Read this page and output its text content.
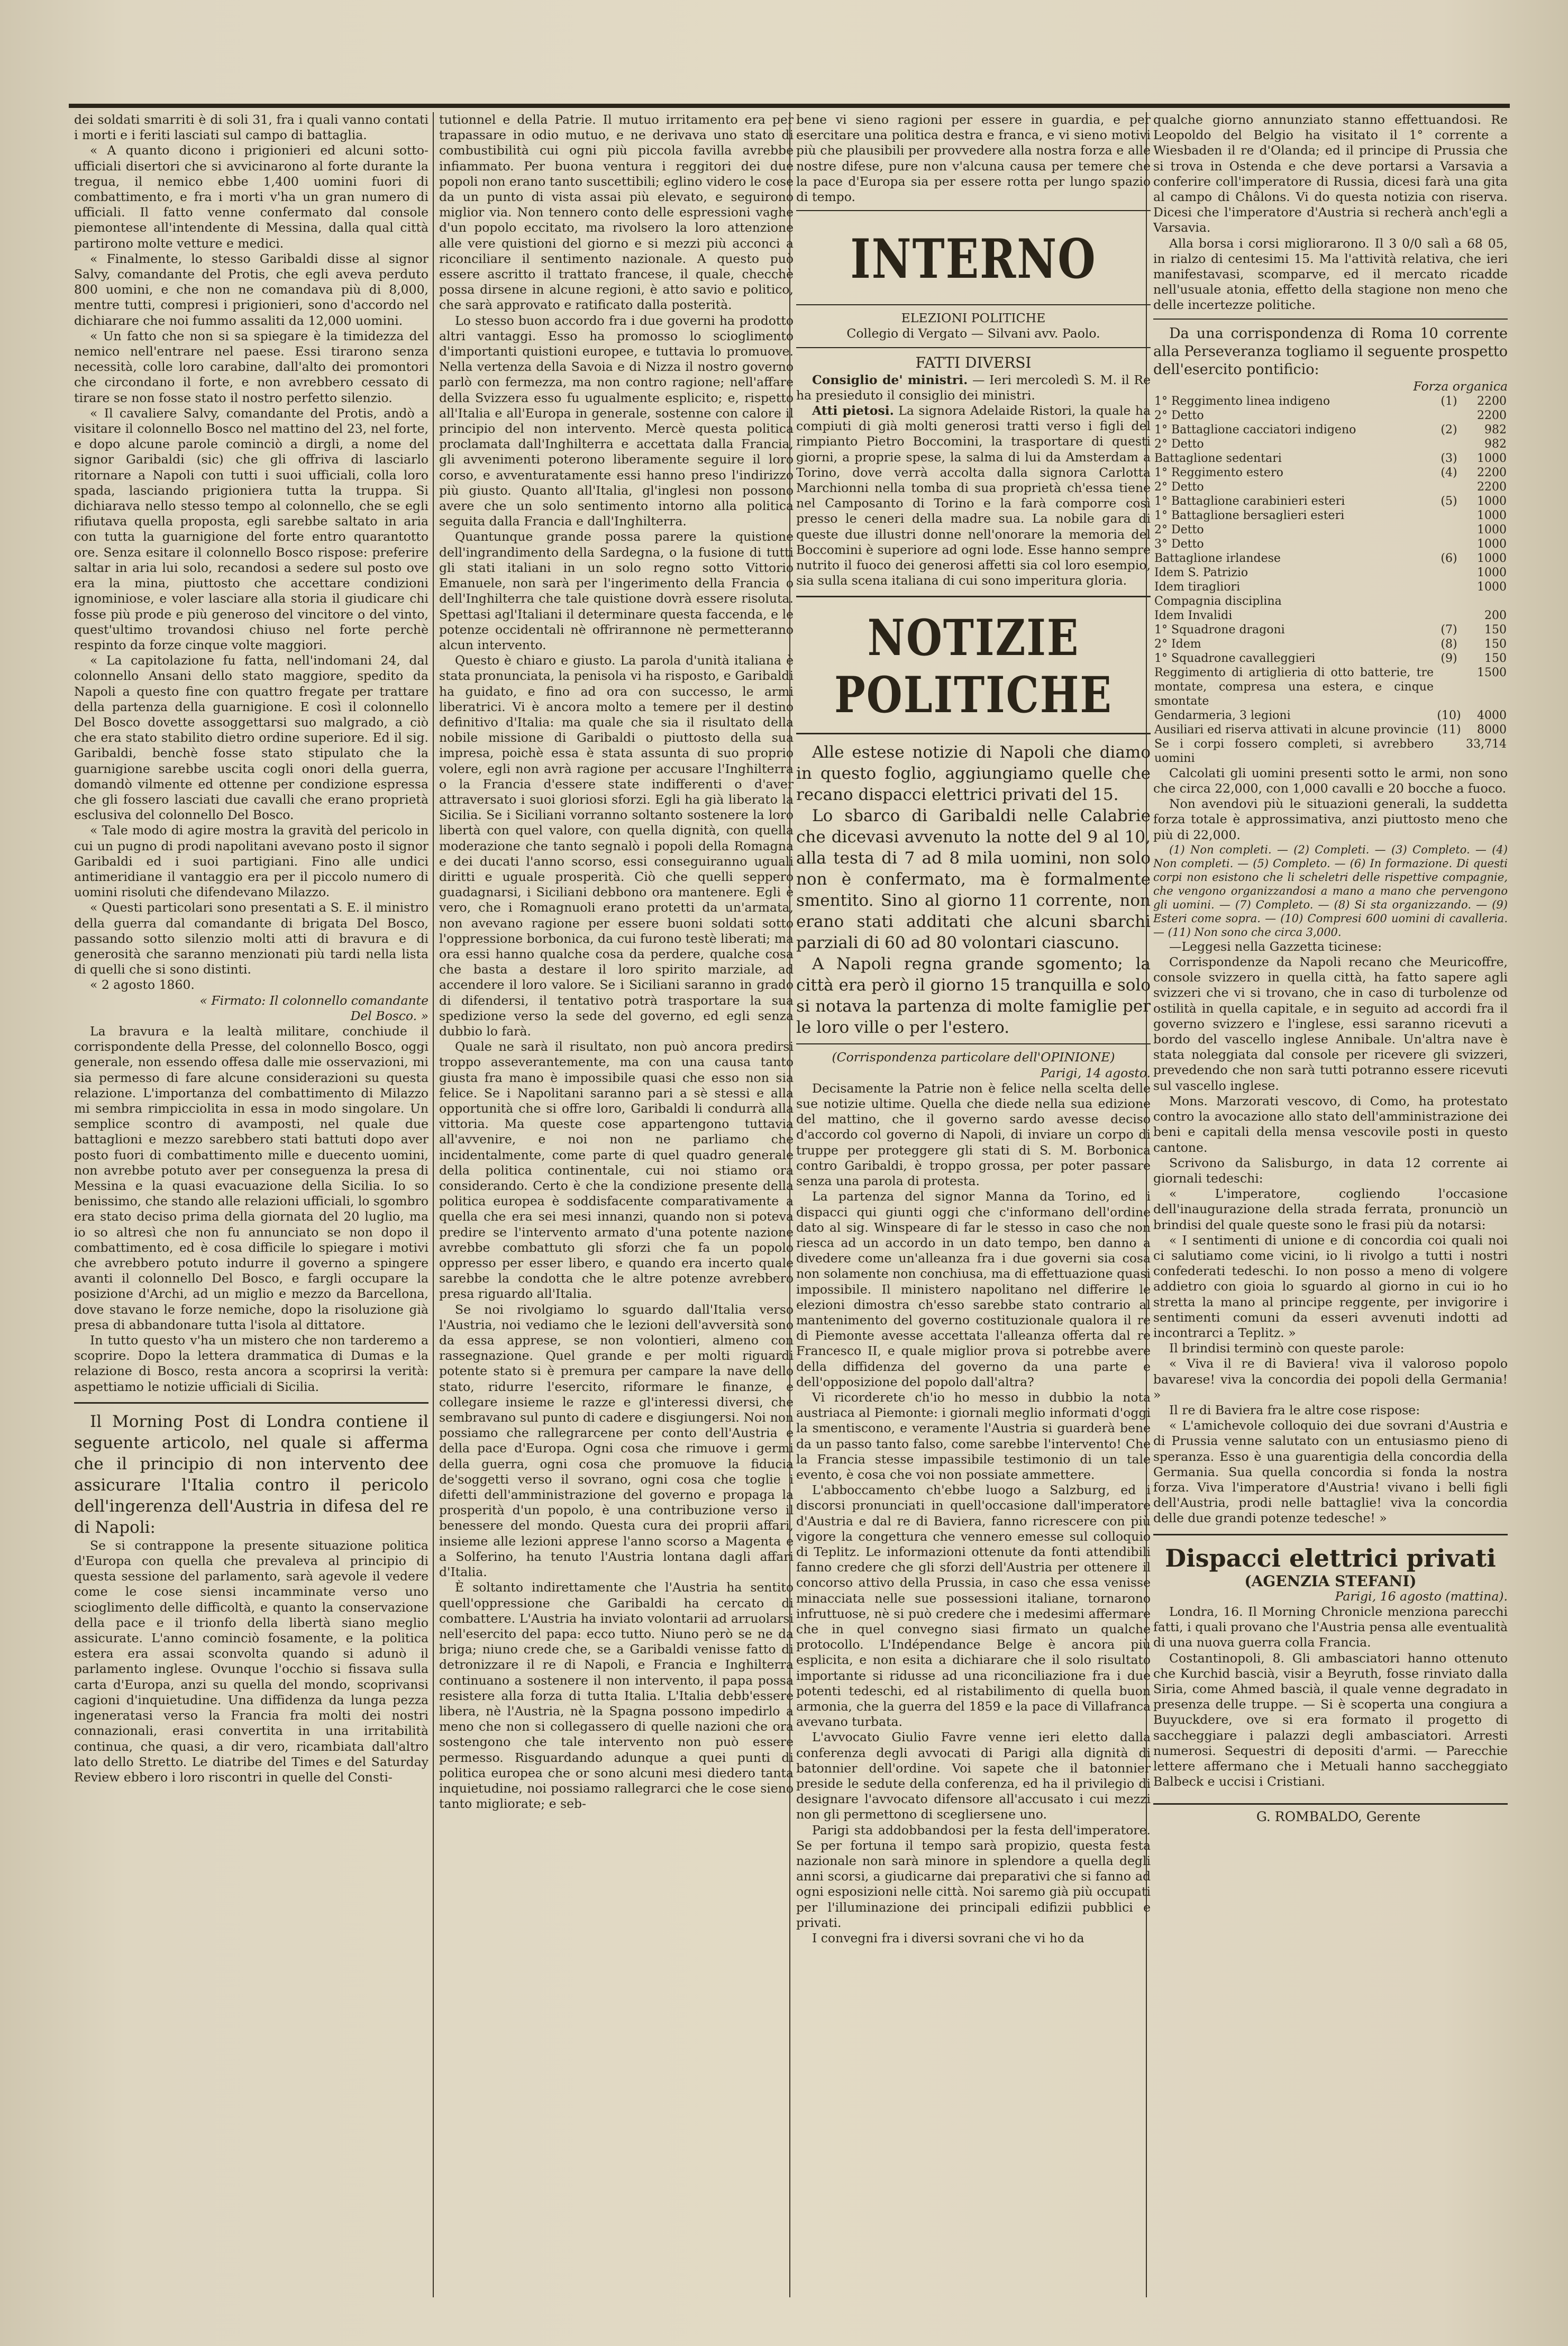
dei soldati smarriti è di soli 31, fra i quali vanno contati i morti e i feriti lasciati sul campo di battaglia.

« A quanto dicono i prigionieri ed alcuni sotto-ufficiali disertori che si avvicinarono al forte durante la tregua, il nemico ebbe 1,400 uomini fuori di combattimento, e fra i morti v'ha un gran numero di ufficiali. Il fatto venne confermato dal console piemontese all'intendente di Messina, dalla qual città partirono molte vetture e medici.

« Finalmente, lo stesso Garibaldi disse al signor Salvy, comandante del Protis, che egli aveva perduto 800 uomini, e che non ne comandava più di 8,000, mentre tutti, compresi i prigionieri, sono d'accordo nel dichiarare che noi fummo assaliti da 12,000 uomini.

« Un fatto che non si sa spiegare è la timidezza del nemico nell'entrare nel paese. Essi tirarono senza necessità, colle loro carabine, dall'alto dei promontori che circondano il forte, e non avrebbero cessato di tirare se non fosse stato il nostro perfetto silenzio.

« Il cavaliere Salvy, comandante del Protis, andò a visitare il colonnello Bosco nel mattino del 23, nel forte, e dopo alcune parole cominciò a dirgli, a nome del signor Garibaldi (sic) che gli offriva di lasciarlo ritornare a Napoli con tutti i suoi ufficiali, colla loro spada, lasciando prigioniera tutta la truppa. Si dichiarava nello stesso tempo al colonnello, che se egli rifiutava quella proposta, egli sarebbe saltato in aria con tutta la guarnigione del forte entro quarantotto ore. Senza esitare il colonnello Bosco rispose: preferire saltar in aria lui solo, recandosi a sedere sul posto ove era la mina, piuttosto che accettare condizioni ignominiose, e voler lasciare alla storia il giudicare chi fosse più prode e più generoso del vincitore o del vinto, quest'ultimo trovandosi chiuso nel forte perchè respinto da forze cinque volte maggiori.

« La capitolazione fu fatta, nell'indomani 24, dal colonnello Ansani dello stato maggiore, spedito da Napoli a questo fine con quattro fregate per trattare della partenza della guarnigione. E così il colonnello Del Bosco dovette assoggettarsi suo malgrado, a ciò che era stato stabilito dietro ordine superiore. Ed il sig. Garibaldi, benchè fosse stato stipulato che la guarnigione sarebbe uscita cogli onori della guerra, domandò vilmente ed ottenne per condizione espressa che gli fossero lasciati due cavalli che erano proprietà esclusiva del colonnello Del Bosco.

« Tale modo di agire mostra la gravità del pericolo in cui un pugno di prodi napolitani avevano posto il signor Garibaldi ed i suoi partigiani. Fino alle undici antimeridiane il vantaggio era per il piccolo numero di uomini risoluti che difendevano Milazzo.

« Questi particolari sono presentati a S. E. il ministro della guerra dal comandante di brigata Del Bosco, passando sotto silenzio molti atti di bravura e di generosità che saranno menzionati più tardi nella lista di quelli che si sono distinti.

« 2 agosto 1860.

« Firmato: Il colonnello comandante

Del Bosco. »

La bravura e la lealtà militare, conchiude il corrispondente della Presse, del colonnello Bosco, oggi generale, non essendo offesa dalle mie osservazioni, mi sia permesso di fare alcune considerazioni su questa relazione. L'importanza del combattimento di Milazzo mi sembra rimpicciolita in essa in modo singolare. Un semplice scontro di avamposti, nel quale due battaglioni e mezzo sarebbero stati battuti dopo aver posto fuori di combattimento mille e duecento uomini, non avrebbe potuto aver per conseguenza la presa di Messina e la quasi evacuazione della Sicilia. Io so benissimo, che stando alle relazioni ufficiali, lo sgombro era stato deciso prima della giornata del 20 luglio, ma io so altresì che non fu annunciato se non dopo il combattimento, ed è cosa difficile lo spiegare i motivi che avrebbero potuto indurre il governo a spingere avanti il colonnello Del Bosco, e fargli occupare la posizione d'Archi, ad un miglio e mezzo da Barcellona, dove stavano le forze nemiche, dopo la risoluzione già presa di abbandonare tutta l'isola al dittatore.

In tutto questo v'ha un mistero che non tarderemo a scoprire. Dopo la lettera drammatica di Dumas e la relazione di Bosco, resta ancora a scoprirsi la verità: aspettiamo le notizie ufficiali di Sicilia.

Il Morning Post di Londra contiene il seguente articolo, nel quale si afferma che il principio di non intervento dee assicurare l'Italia contro il pericolo dell'ingerenza dell'Austria in difesa del re di Napoli:

Se si contrappone la presente situazione politica d'Europa con quella che prevaleva al principio di questa sessione del parlamento, sarà agevole il vedere come le cose siensi incamminate verso uno scioglimento delle difficoltà, e quanto la conservazione della pace e il trionfo della libertà siano meglio assicurate. L'anno cominciò fosamente, e la politica estera era assai sconvolta quando si adunò il parlamento inglese. Ovunque l'occhio si fissava sulla carta d'Europa, anzi su quella del mondo, scoprivansi cagioni d'inquietudine. Una diffidenza da lunga pezza ingeneratasi verso la Francia fra molti dei nostri connazionali, erasi convertita in una irritabilità continua, che quasi, a dir vero, ricambiata dall'altro lato dello Stretto. Le diatribe del Times e del Saturday Review ebbero i loro riscontri in quelle del Consti-

tutionnel e della Patrie. Il mutuo irritamento era per trapassare in odio mutuo, e ne derivava uno stato di combustibilità cui ogni più piccola favilla avrebbe infiammato. Per buona ventura i reggitori dei due popoli non erano tanto suscettibili; eglino videro le cose da un punto di vista assai più elevato, e seguirono miglior via. Non tennero conto delle espressioni vaghe d'un popolo eccitato, ma rivolsero la loro attenzione alle vere quistioni del giorno e si mezzi più acconci a riconciliare il sentimento nazionale. A questo può essere ascritto il trattato francese, il quale, checchè possa dirsene in alcune regioni, è atto savio e politico, che sarà approvato e ratificato dalla posterità.

Lo stesso buon accordo fra i due governi ha prodotto altri vantaggi. Esso ha promosso lo scioglimento d'importanti quistioni europee, e tuttavia lo promuove. Nella vertenza della Savoia e di Nizza il nostro governo parlò con fermezza, ma non contro ragione; nell'affare della Svizzera esso fu ugualmente esplicito; e, rispetto all'Italia e all'Europa in generale, sostenne con calore il principio del non intervento. Mercè questa politica proclamata dall'Inghilterra e accettata dalla Francia, gli avvenimenti poterono liberamente seguire il loro corso, e avventuratamente essi hanno preso l'indirizzo più giusto. Quanto all'Italia, gl'inglesi non possono avere che un solo sentimento intorno alla politica seguita dalla Francia e dall'Inghilterra.

Quantunque grande possa parere la quistione dell'ingrandimento della Sardegna, o la fusione di tutti gli stati italiani in un solo regno sotto Vittorio Emanuele, non sarà per l'ingerimento della Francia o dell'Inghilterra che tale quistione dovrà essere risoluta. Spettasi agl'Italiani il determinare questa faccenda, e le potenze occidentali nè offrirannone nè permetteranno alcun intervento.

Questo è chiaro e giusto. La parola d'unità italiana è stata pronunciata, la penisola vi ha risposto, e Garibaldi ha guidato, e fino ad ora con successo, le armi liberatrici. Vi è ancora molto a temere per il destino definitivo d'Italia: ma quale che sia il risultato della nobile missione di Garibaldi o piuttosto della sua impresa, poichè essa è stata assunta di suo proprio volere, egli non avrà ragione per accusare l'Inghilterra o la Francia d'essere state indifferenti o d'aver attraversato i suoi gloriosi sforzi. Egli ha già liberato la Sicilia. Se i Siciliani vorranno soltanto sostenere la loro libertà con quel valore, con quella dignità, con quella moderazione che tanto segnalò i popoli della Romagna e dei ducati l'anno scorso, essi conseguiranno uguali diritti e uguale prosperità. Ciò che quelli seppero guadagnarsi, i Siciliani debbono ora mantenere. Egli è vero, che i Romagnuoli erano protetti da un'armata, non avevano ragione per essere buoni soldati sotto l'oppressione borbonica, da cui furono testè liberati; ma ora essi hanno qualche cosa da perdere, qualche cosa che basta a destare il loro spirito marziale, ad accendere il loro valore. Se i Siciliani saranno in grado di difendersi, il tentativo potrà trasportare la sua spedizione verso la sede del governo, ed egli senza dubbio lo farà.

Quale ne sarà il risultato, non può ancora predirsi troppo asseverantemente, ma con una causa tanto giusta fra mano è impossibile quasi che esso non sia felice. Se i Napolitani saranno pari a sè stessi e alla opportunità che si offre loro, Garibaldi li condurrà alla vittoria. Ma queste cose appartengono tuttavia all'avvenire, e noi non ne parliamo che incidentalmente, come parte di quel quadro generale della politica continentale, cui noi stiamo ora considerando. Certo è che la condizione presente della politica europea è soddisfacente comparativamente a quella che era sei mesi innanzi, quando non si poteva predire se l'intervento armato d'una potente nazione avrebbe combattuto gli sforzi che fa un popolo oppresso per esser libero, e quando era incerto quale sarebbe la condotta che le altre potenze avrebbero presa riguardo all'Italia.

Se noi rivolgiamo lo sguardo dall'Italia verso l'Austria, noi vediamo che le lezioni dell'avversità sono da essa apprese, se non volontieri, almeno con rassegnazione. Quel grande e per molti riguardi potente stato si è premura per campare la nave dello stato, ridurre l'esercito, riformare le finanze, e collegare insieme le razze e gl'interessi diversi, che sembravano sul punto di cadere e disgiungersi. Noi non possiamo che rallegrarcene per conto dell'Austria e della pace d'Europa. Ogni cosa che rimuove i germi della guerra, ogni cosa che promuove la fiducia de'soggetti verso il sovrano, ogni cosa che toglie i difetti dell'amministrazione del governo e propaga la prosperità d'un popolo, è una contribuzione verso il benessere del mondo. Questa cura dei proprii affari, insieme alle lezioni apprese l'anno scorso a Magenta e a Solferino, ha tenuto l'Austria lontana dagli affari d'Italia.

È soltanto indirettamente che l'Austria ha sentito quell'oppressione che Garibaldi ha cercato di combattere. L'Austria ha inviato volontarii ad arruolarsi nell'esercito del papa: ecco tutto. Niuno però se ne da briga; niuno crede che, se a Garibaldi venisse fatto di detronizzare il re di Napoli, e Francia e Inghilterra continuano a sostenere il non intervento, il papa possa resistere alla forza di tutta Italia. L'Italia debb'essere libera, nè l'Austria, nè la Spagna possono impedirlo a meno che non si collegassero di quelle nazioni che ora sostengono che tale intervento non può essere permesso. Risguardando adunque a quei punti di politica europea che or sono alcuni mesi diedero tanta inquietudine, noi possiamo rallegrarci che le cose sieno tanto migliorate; e seb-

bene vi sieno ragioni per essere in guardia, e per esercitare una politica destra e franca, e vi sieno motivi più che plausibili per provvedere alla nostra forza e alle nostre difese, pure non v'alcuna causa per temere che la pace d'Europa sia per essere rotta per lungo spazio di tempo.

INTERNO

ELEZIONI POLITICHE

Collegio di Vergato — Silvani avv. Paolo.

FATTI DIVERSI

Consiglio de' ministri. — Ieri mercoledì S. M. il Re ha presieduto il consiglio dei ministri.

Atti pietosi. La signora Adelaide Ristori, la quale ha compiuti di già molti generosi tratti verso i figli del rimpianto Pietro Boccomini, la trasportare di questi giorni, a proprie spese, la salma di lui da Amsterdam a Torino, dove verrà accolta dalla signora Carlotta Marchionni nella tomba di sua proprietà ch'essa tiene nel Camposanto di Torino e la farà comporre così presso le ceneri della madre sua. La nobile gara di queste due illustri donne nell'onorare la memoria del Boccomini è superiore ad ogni lode. Esse hanno sempre nutrito il fuoco dei generosi affetti sia col loro esempio, sia sulla scena italiana di cui sono imperitura gloria.

NOTIZIE POLITICHE

Alle estese notizie di Napoli che diamo in questo foglio, aggiungiamo quelle che recano dispacci elettrici privati del 15.

Lo sbarco di Garibaldi nelle Calabrie che dicevasi avvenuto la notte del 9 al 10, alla testa di 7 ad 8 mila uomini, non solo non è confermato, ma è formalmente smentito. Sino al giorno 11 corrente, non erano stati additati che alcuni sbarchi parziali di 60 ad 80 volontari ciascuno.

A Napoli regna grande sgomento; la città era però il giorno 15 tranquilla e solo si notava la partenza di molte famiglie per le loro ville o per l'estero.

(Corrispondenza particolare dell'OPINIONE)

Parigi, 14 agosto.

Decisamente la Patrie non è felice nella scelta delle sue notizie ultime. Quella che diede nella sua edizione del mattino, che il governo sardo avesse deciso d'accordo col governo di Napoli, di inviare un corpo di truppe per proteggere gli stati di S. M. Borbonica contro Garibaldi, è troppo grossa, per poter passare senza una parola di protesta.

La partenza del signor Manna da Torino, ed i dispacci qui giunti oggi che c'informano dell'ordine dato al sig. Winspeare di far le stesso in caso che non riesca ad un accordo in un dato tempo, ben danno a divedere come un'alleanza fra i due governi sia cosa non solamente non conchiusa, ma di effettuazione quasi impossibile. Il ministero napolitano nel differire le elezioni dimostra ch'esso sarebbe stato contrario al mantenimento del governo costituzionale qualora il re di Piemonte avesse accettata l'alleanza offerta dal re Francesco II, e quale miglior prova si potrebbe avere della diffidenza del governo da una parte e dell'opposizione del popolo dall'altra?

Vi ricorderete ch'io ho messo in dubbio la nota austriaca al Piemonte: i giornali meglio informati d'oggi la smentiscono, e veramente l'Austria si guarderà bene da un passo tanto falso, come sarebbe l'intervento! Che la Francia stesse impassibile testimonio di un tale evento, è cosa che voi non possiate ammettere.

L'abboccamento ch'ebbe luogo a Salzburg, ed i discorsi pronunciati in quell'occasione dall'imperatore d'Austria e dal re di Baviera, fanno ricrescere con più vigore la congettura che vennero emesse sul colloquio di Teplitz. Le informazioni ottenute da fonti attendibili fanno credere che gli sforzi dell'Austria per ottenere il concorso attivo della Prussia, in caso che essa venisse minacciata nelle sue possessioni italiane, tornarono infruttuose, nè si può credere che i medesimi affermare che in quel convegno siasi firmato un qualche protocollo. L'Indépendance Belge è ancora più esplicita, e non esita a dichiarare che il solo risultato importante si ridusse ad una riconciliazione fra i due potenti tedeschi, ed al ristabilimento di quella buon armonia, che la guerra del 1859 e la pace di Villafranca avevano turbata.

L'avvocato Giulio Favre venne ieri eletto dalla conferenza degli avvocati di Parigi alla dignità di batonnier dell'ordine. Voi sapete che il batonnier preside le sedute della conferenza, ed ha il privilegio di designare l'avvocato difensore all'accusato i cui mezzi non gli permettono di scegliersene uno.

Parigi sta addobbandosi per la festa dell'imperatore. Se per fortuna il tempo sarà propizio, questa festa nazionale non sarà minore in splendore a quella degli anni scorsi, a giudicarne dai preparativi che si fanno ad ogni esposizioni nelle città. Noi saremo già più occupati per l'illuminazione dei principali edifizii pubblici e privati.

I convegni fra i diversi sovrani che vi ho da

qualche giorno annunziato stanno effettuandosi. Re Leopoldo del Belgio ha visitato il 1° corrente a Wiesbaden il re d'Olanda; ed il principe di Prussia che si trova in Ostenda e che deve portarsi a Varsavia a conferire coll'imperatore di Russia, dicesi farà una gita al campo di Châlons. Vi do questa notizia con riserva. Dicesi che l'imperatore d'Austria si recherà anch'egli a Varsavia.

Alla borsa i corsi migliorarono. Il 3 0/0 salì a 68 05, in rialzo di centesimi 15. Ma l'attività relativa, che ieri manifestavasi, scomparve, ed il mercato ricadde nell'usuale atonia, effetto della stagione non meno che delle incertezze politiche.

Da una corrispondenza di Roma 10 corrente alla Perseveranza togliamo il seguente prospetto dell'esercito pontificio:

Forza organica

1° Reggimento linea indigeno	(1)	2200
2° Detto		2200
1° Battaglione cacciatori indigeno	(2)	982
2° Detto		982
Battaglione sedentari	(3)	1000
1° Reggimento estero	(4)	2200
2° Detto		2200
1° Battaglione carabinieri esteri	(5)	1000
1° Battaglione bersaglieri esteri		1000
2° Detto		1000
3° Detto		1000
Battaglione irlandese	(6)	1000
Idem S. Patrizio		1000
Idem tiragliori		1000
Compagnia disciplina		
Idem Invalidi		200
1° Squadrone dragoni	(7)	150
2° Idem	(8)	150
1° Squadrone cavalleggieri	(9)	150
Reggimento di artiglieria di otto batterie, tre montate, compresa una estera, e cinque smontate		1500
Gendarmeria, 3 legioni	(10)	4000
Ausiliari ed riserva attivati in alcune provincie	(11)	8000
Se i corpi fossero completi, si avrebbero uomini		33,714

Calcolati gli uomini presenti sotto le armi, non sono che circa 22,000, con 1,000 cavalli e 20 bocche a fuoco.

Non avendovi più le situazioni generali, la suddetta forza totale è approssimativa, anzi piuttosto meno che più di 22,000.

(1) Non completi. — (2) Completi. — (3) Completo. — (4) Non completi. — (5) Completo. — (6) In formazione. Di questi corpi non esistono che li scheletri delle rispettive compagnie, che vengono organizzandosi a mano a mano che pervengono gli uomini. — (7) Completo. — (8) Si sta organizzando. — (9) Esteri come sopra. — (10) Compresi 600 uomini di cavalleria. — (11) Non sono che circa 3,000.

—Leggesi nella Gazzetta ticinese:

Corrispondenze da Napoli recano che Meuricoffre, console svizzero in quella città, ha fatto sapere agli svizzeri che vi si trovano, che in caso di turbolenze od ostilità in quella capitale, e in seguito ad accordi fra il governo svizzero e l'inglese, essi saranno ricevuti a bordo del vascello inglese Annibale. Un'altra nave è stata noleggiata dal console per ricevere gli svizzeri, prevedendo che non sarà tutti potranno essere ricevuti sul vascello inglese.

Mons. Marzorati vescovo, di Como, ha protestato contro la avocazione allo stato dell'amministrazione dei beni e capitali della mensa vescovile posti in questo cantone.

Scrivono da Salisburgo, in data 12 corrente ai giornali tedeschi:

« L'imperatore, cogliendo l'occasione dell'inaugurazione della strada ferrata, pronunciò un brindisi del quale queste sono le frasi più da notarsi:

« I sentimenti di unione e di concordia coi quali noi ci salutiamo come vicini, io li rivolgo a tutti i nostri confederati tedeschi. Io non posso a meno di volgere addietro con gioia lo sguardo al giorno in cui io ho stretta la mano al principe reggente, per invigorire i sentimenti comuni da esseri avvenuti indotti ad incontrarci a Teplitz. »

Il brindisi terminò con queste parole:

« Viva il re di Baviera! viva il valoroso popolo bavarese! viva la concordia dei popoli della Germania! »

Il re di Baviera fra le altre cose rispose:

« L'amichevole colloquio dei due sovrani d'Austria e di Prussia venne salutato con un entusiasmo pieno di speranza. Esso è una guarentigia della concordia della Germania. Sua quella concordia si fonda la nostra forza. Viva l'imperatore d'Austria! vivano i belli figli dell'Austria, prodi nelle battaglie! viva la concordia delle due grandi potenze tedesche! »

Dispacci elettrici privati
(AGENZIA STEFANI)

Parigi, 16 agosto (mattina).

Londra, 16. Il Morning Chronicle menziona parecchi fatti, i quali provano che l'Austria pensa alle eventualità di una nuova guerra colla Francia.

Costantinopoli, 8. Gli ambasciatori hanno ottenuto che Kurchid bascià, visir a Beyruth, fosse rinviato dalla Siria, come Ahmed bascià, il quale venne degradato in presenza delle truppe. — Si è scoperta una congiura a Buyuckdere, ove si era formato il progetto di saccheggiare i palazzi degli ambasciatori. Arresti numerosi. Sequestri di depositi d'armi. — Parecchie lettere affermano che i Metuali hanno saccheggiato Balbeck e uccisi i Cristiani.

G. ROMBALDO, Gerente
